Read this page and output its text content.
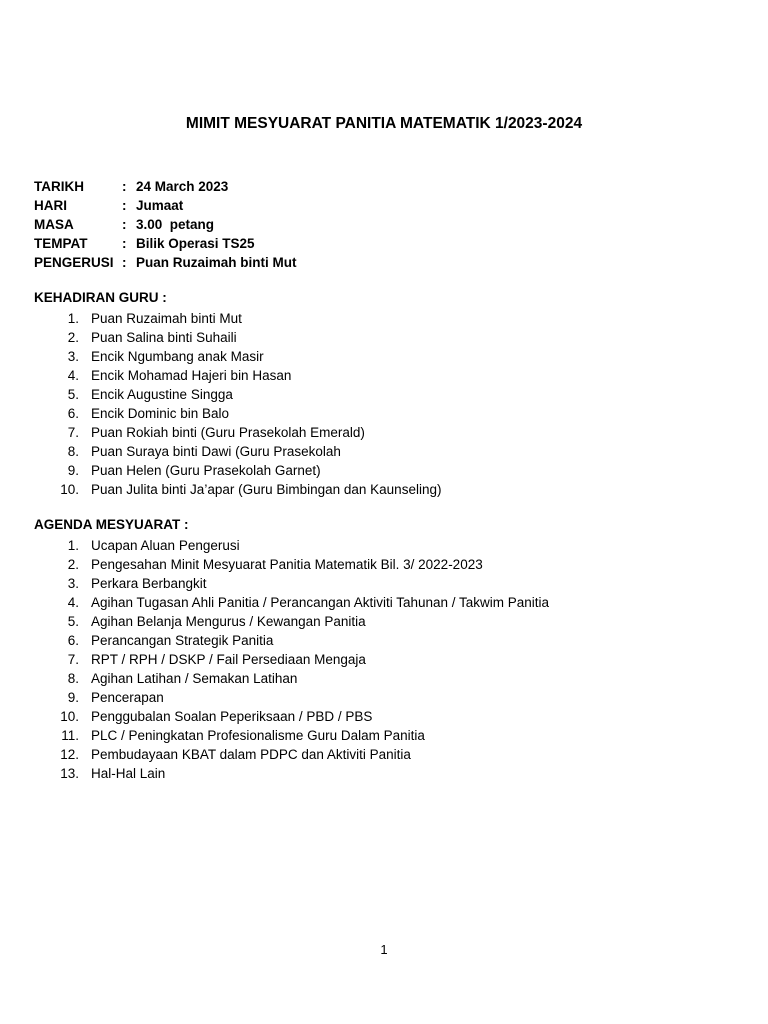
MIMIT MESYUARAT PANITIA MATEMATIK 1/2023-2024
TARIKH	: 24 March 2023
HARI	: Jumaat
MASA	: 3.00  petang
TEMPAT	: Bilik Operasi TS25
PENGERUSI : Puan Ruzaimah binti Mut
KEHADIRAN GURU :
1. Puan Ruzaimah binti Mut
2. Puan Salina binti Suhaili
3. Encik Ngumbang anak Masir
4. Encik Mohamad Hajeri bin Hasan
5. Encik Augustine Singga
6. Encik Dominic bin Balo
7. Puan Rokiah binti (Guru Prasekolah Emerald)
8. Puan Suraya binti Dawi (Guru Prasekolah
9. Puan Helen (Guru Prasekolah Garnet)
10. Puan Julita binti Ja’apar (Guru Bimbingan dan Kaunseling)
AGENDA MESYUARAT :
1. Ucapan Aluan Pengerusi
2. Pengesahan Minit Mesyuarat Panitia Matematik Bil. 3/ 2022-2023
3. Perkara Berbangkit
4. Agihan Tugasan Ahli Panitia / Perancangan Aktiviti Tahunan / Takwim Panitia
5. Agihan Belanja Mengurus / Kewangan Panitia
6. Perancangan Strategik Panitia
7. RPT / RPH / DSKP / Fail Persediaan Mengaja
8. Agihan Latihan / Semakan Latihan
9. Pencerapan
10. Penggubalan Soalan Peperiksaan / PBD / PBS
11. PLC / Peningkatan Profesionalisme Guru Dalam Panitia
12. Pembudayaan KBAT dalam PDPC dan Aktiviti Panitia
13. Hal-Hal Lain
1
